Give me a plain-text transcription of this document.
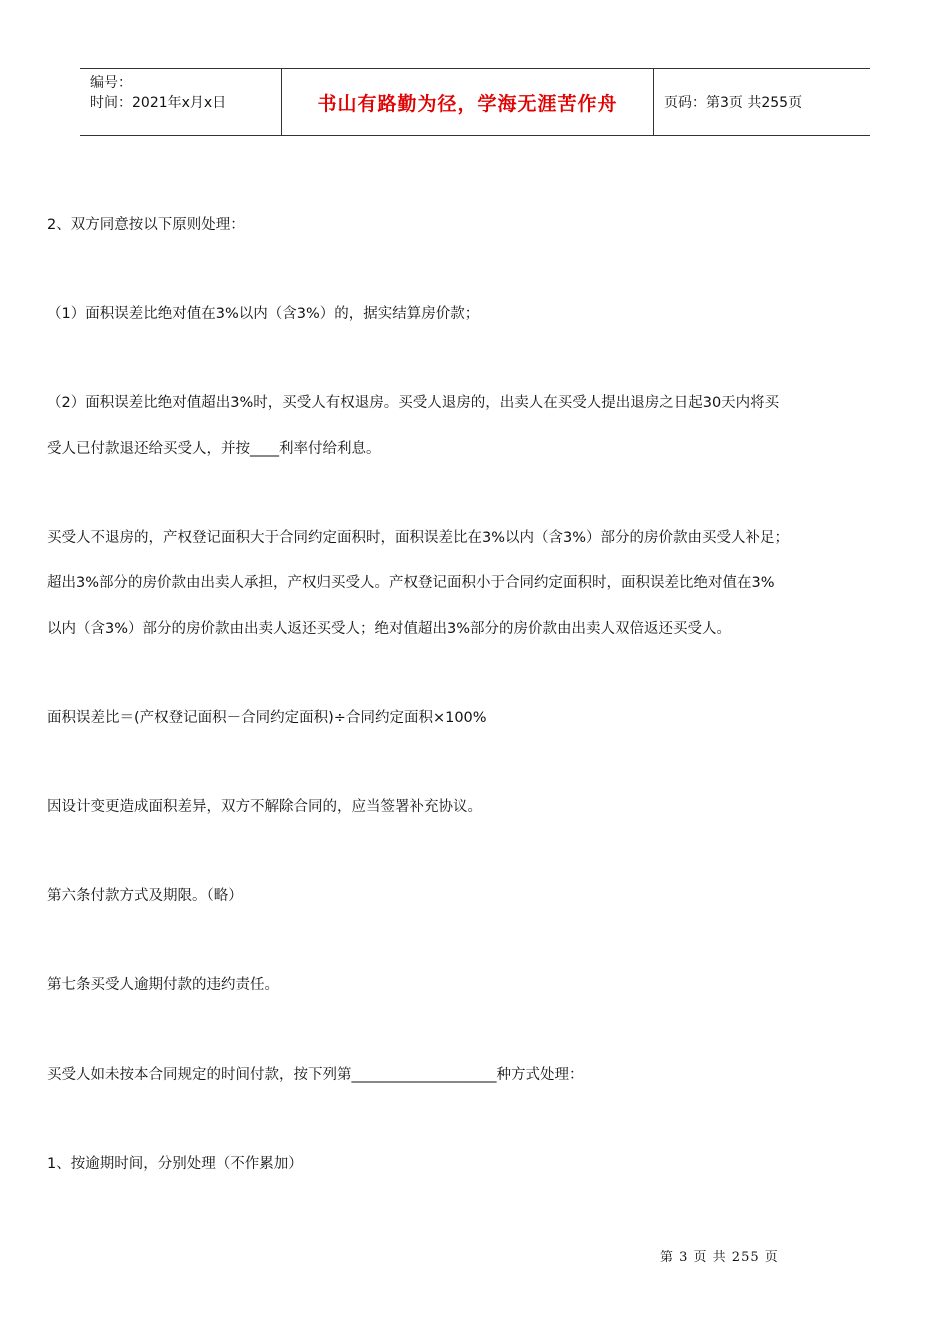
编号：
时间：2021年x月x日	书山有路勤为径，学海无涯苦作舟	页码：第3页 共255页
2、双方同意按以下原则处理：
（1）面积误差比绝对值在3%以内（含3%）的，据实结算房价款；
（2）面积误差比绝对值超出3%时，买受人有权退房。买受人退房的，出卖人在买受人提出退房之日起30天内将买
受人已付款退还给买受人，并按____利率付给利息。
买受人不退房的，产权登记面积大于合同约定面积时，面积误差比在3%以内（含3%）部分的房价款由买受人补足；
超出3%部分的房价款由出卖人承担，产权归买受人。产权登记面积小于合同约定面积时，面积误差比绝对值在3%
以内（含3%）部分的房价款由出卖人返还买受人；绝对值超出3%部分的房价款由出卖人双倍返还买受人。
面积误差比＝(产权登记面积－合同约定面积)÷合同约定面积×100%
因设计变更造成面积差异，双方不解除合同的，应当签署补充协议。
第六条付款方式及期限。（略）
第七条买受人逾期付款的违约责任。
买受人如未按本合同规定的时间付款，按下列第____________________种方式处理：
1、按逾期时间，分别处理（不作累加）
第 3 页 共 255 页
